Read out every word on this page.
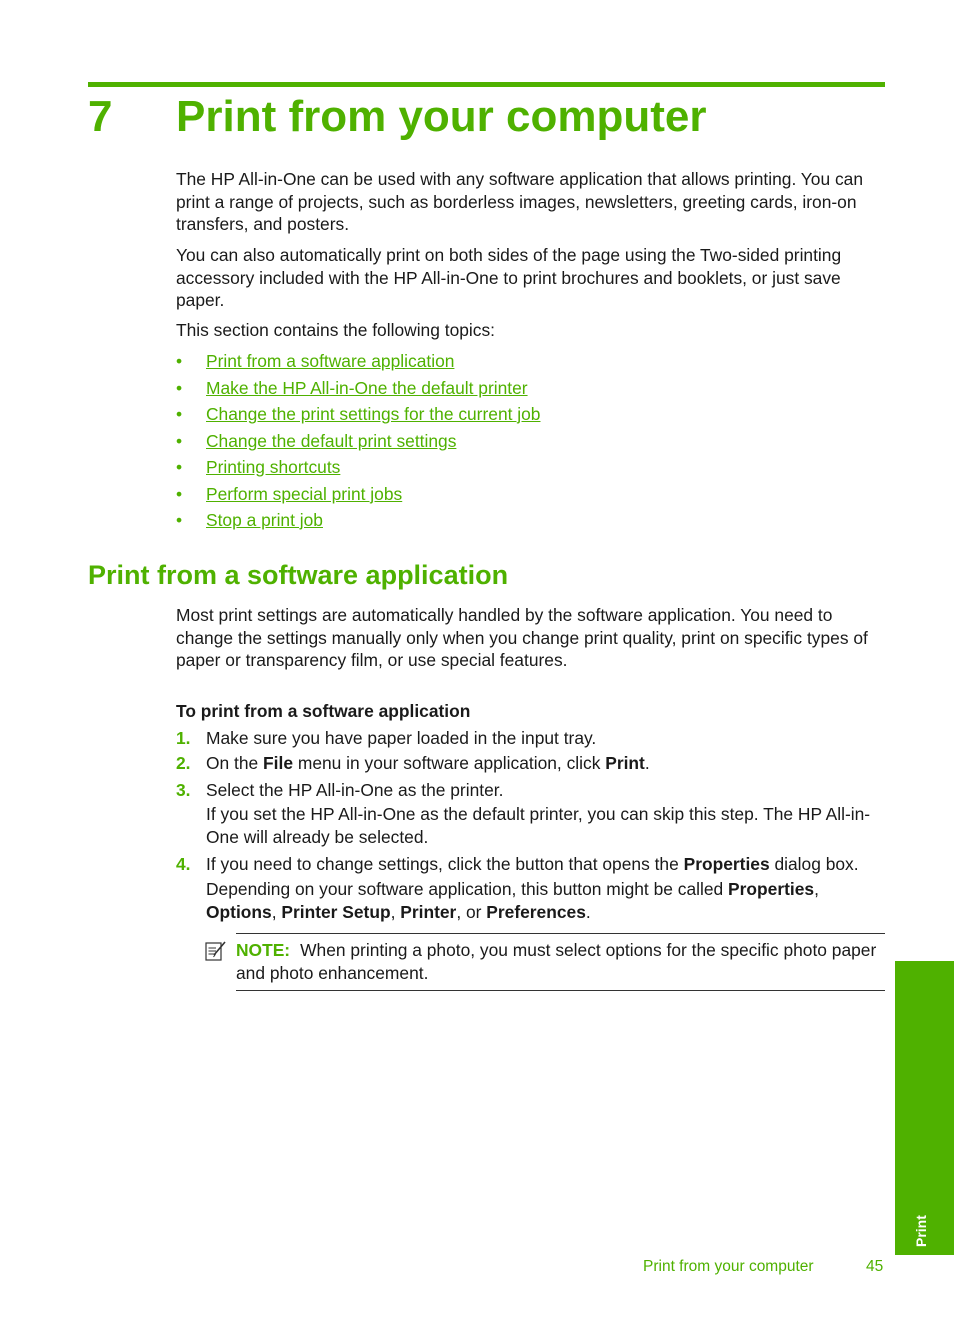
7 Print from your computer

The HP All-in-One can be used with any software application that allows printing. You can print a range of projects, such as borderless images, newsletters, greeting cards, iron-on transfers, and posters.

You can also automatically print on both sides of the page using the Two-sided printing accessory included with the HP All-in-One to print brochures and booklets, or just save paper.

This section contains the following topics:

• Print from a software application
• Make the HP All-in-One the default printer
• Change the print settings for the current job
• Change the default print settings
• Printing shortcuts
• Perform special print jobs
• Stop a print job
Print from a software application

Most print settings are automatically handled by the software application. You need to change the settings manually only when you change print quality, print on specific types of paper or transparency film, or use special features.

To print from a software application
1. Make sure you have paper loaded in the input tray.
2. On the File menu in your software application, click Print.
3. Select the HP All-in-One as the printer.
If you set the HP All-in-One as the default printer, you can skip this step. The HP All-in-One will already be selected.
4. If you need to change settings, click the button that opens the Properties dialog box.
Depending on your software application, this button might be called Properties, Options, Printer Setup, Printer, or Preferences.
NOTE: When printing a photo, you must select options for the specific photo paper and photo enhancement.
Print
Print from your computer	45
